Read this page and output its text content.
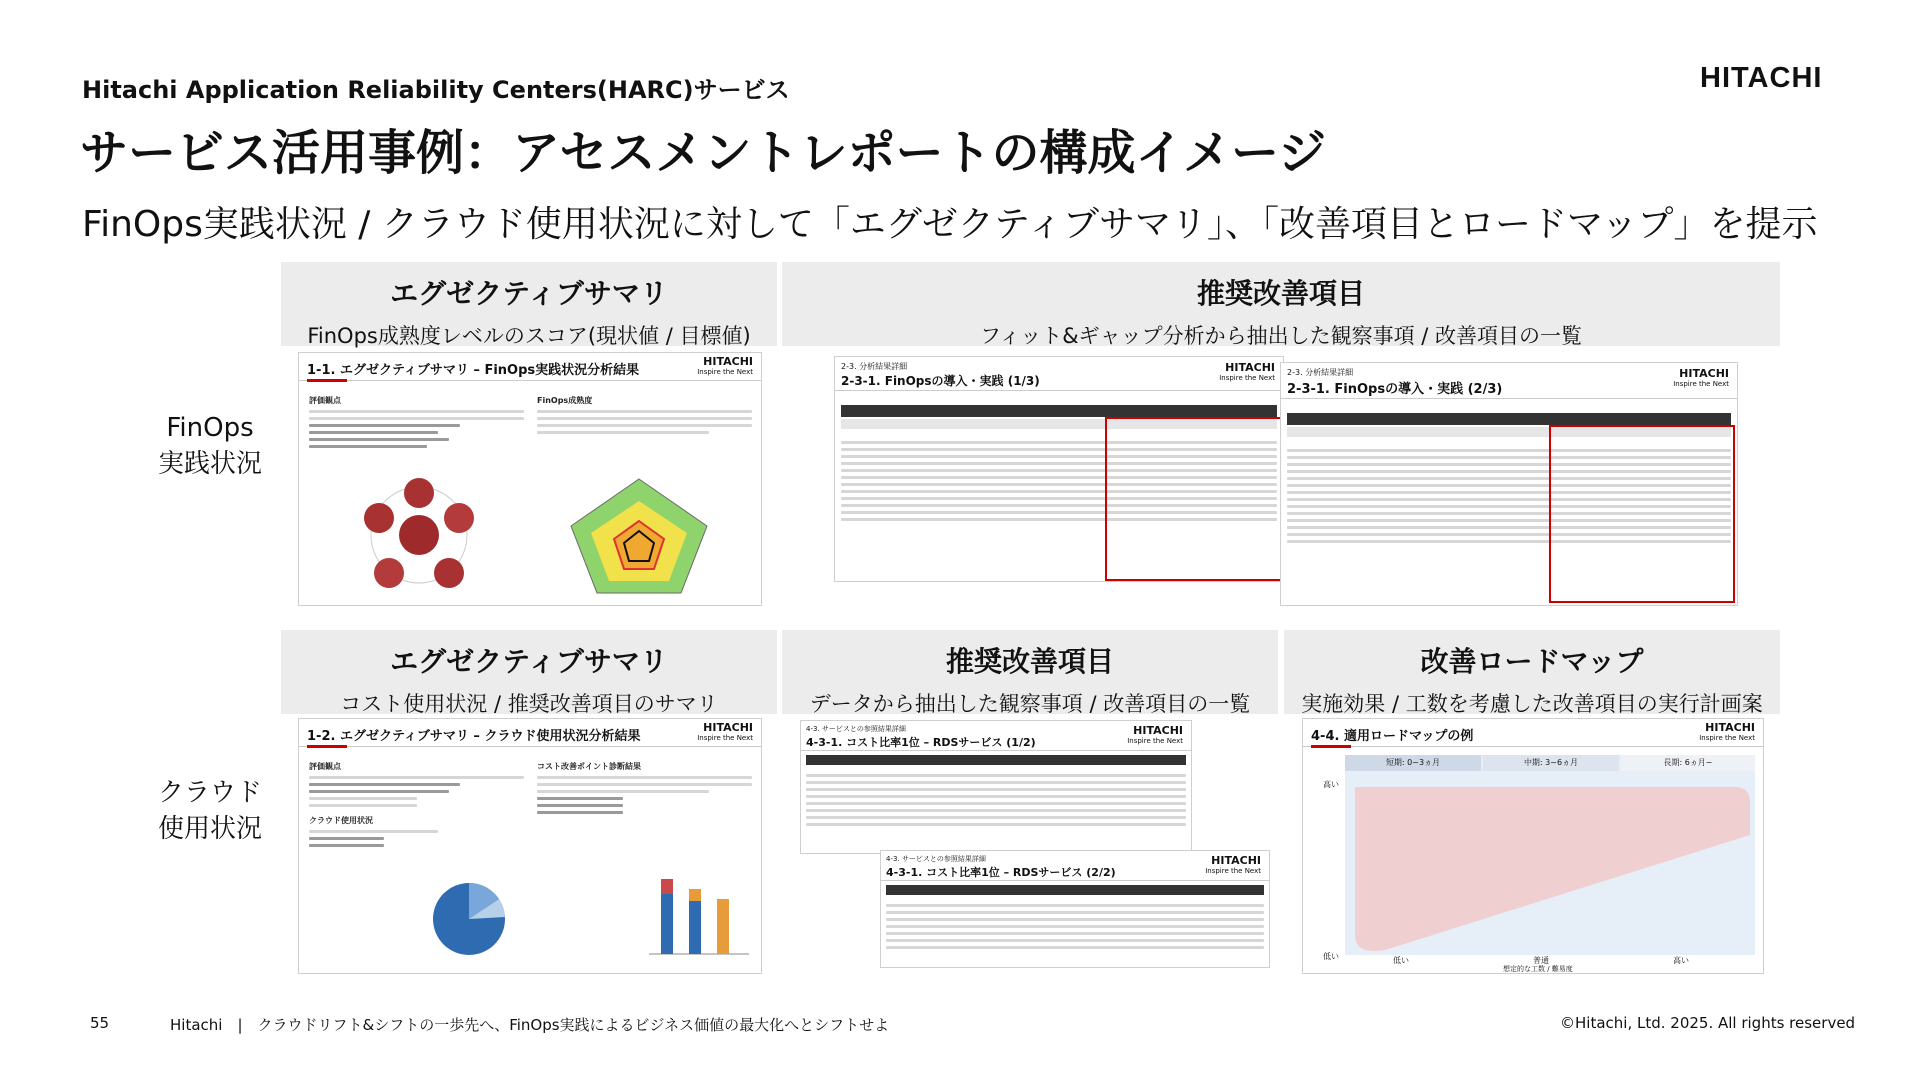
Hitachi Application Reliability Centers(HARC)サービス	HITACHI
サービス活用事例：アセスメントレポートの構成イメージ
FinOps実践状況 / クラウド使用状況に対して「エグゼクティブサマリ」、「改善項目とロードマップ」を提示
FinOps
実践状況
クラウド
使用状況
エグゼクティブサマリ
FinOps成熟度レベルのスコア(現状値 / 目標値)
推奨改善項目
フィット&ギャップ分析から抽出した観察事項 / 改善項目の一覧
エグゼクティブサマリ
コスト使用状況 / 推奨改善項目のサマリ
推奨改善項目
データから抽出した観察事項 / 改善項目の一覧
改善ロードマップ
実施効果 / 工数を考慮した改善項目の実行計画案
1-1. エグゼクティブサマリ – FinOps実践状況分析結果
HITACHI
Inspire the Next
評価観点	FinOps成熟度
2-3. 分析結果詳細
2-3-1. FinOpsの導入・実践 (1/3)
HITACHI
Inspire the Next
2-3. 分析結果詳細
2-3-1. FinOpsの導入・実践 (2/3)
HITACHI
Inspire the Next
1-2. エグゼクティブサマリ – クラウド使用状況分析結果
HITACHI
Inspire the Next
評価観点
クラウド使用状況
コスト改善ポイント診断結果
4-3. サービスとの参照結果詳細
4-3-1. コスト比率1位 – RDSサービス (1/2)
HITACHI
Inspire the Next
4-3. サービスとの参照結果詳細
4-3-1. コスト比率1位 – RDSサービス (2/2)
HITACHI
Inspire the Next
4-4. 適用ロードマップの例
HITACHI
Inspire the Next
短期: 0~3ヵ月	中期: 3~6ヵ月	長期: 6ヵ月~
高い
低い	低い	普通	高い
想定的な工数 / 難易度
55	Hitachi　|　クラウドリフト&シフトの一歩先へ、FinOps実践によるビジネス価値の最大化へとシフトせよ	©Hitachi, Ltd. 2025. All rights reserved
